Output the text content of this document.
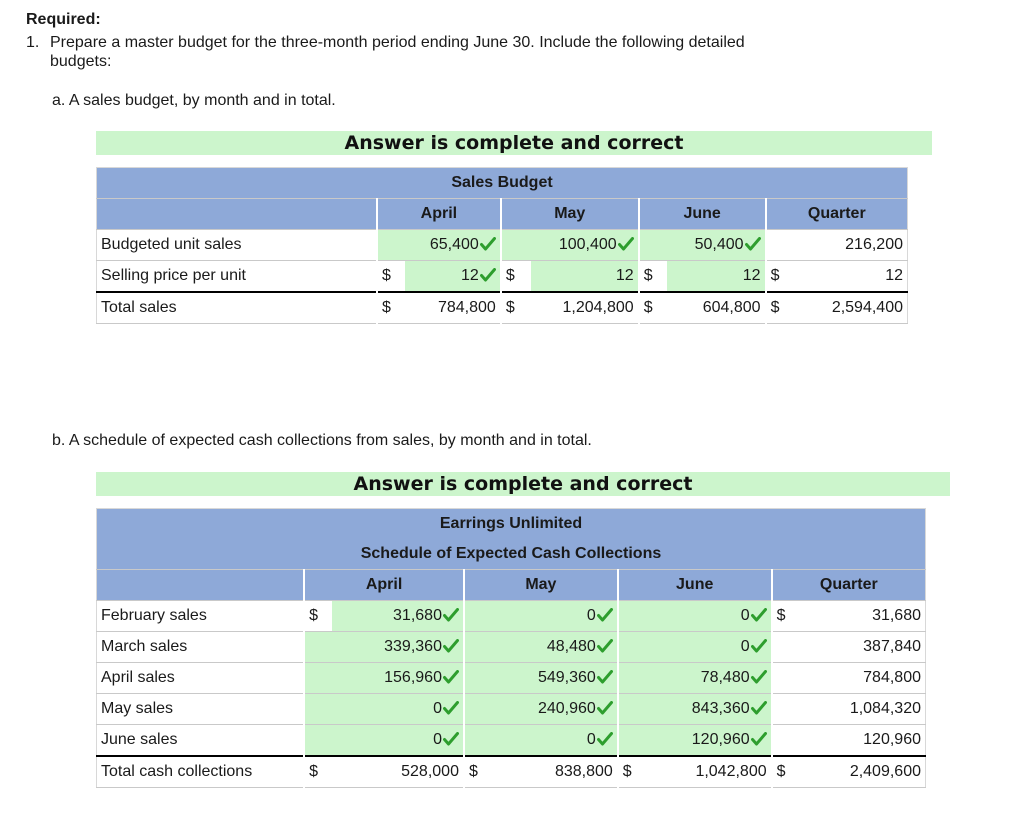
Required:
1. Prepare a master budget for the three-month period ending June 30. Include the following detailed
budgets:
a. A sales budget, by month and in total.
Answer is complete and correct
Sales Budget								
	April		May		June		Quarter	
Budgeted unit sales		65,400		100,400		50,400		216,200
Selling price per unit	$	12	$	12	$	12	$	12
Total sales	$	784,800	$	1,204,800	$	604,800	$	2,594,400
b. A schedule of expected cash collections from sales, by month and in total.
Answer is complete and correct
Earrings Unlimited								
Schedule of Expected Cash Collections								
	April		May		June		Quarter	
February sales	$	31,680		0		0	$	31,680
March sales		339,360		48,480		0		387,840
April sales		156,960		549,360		78,480		784,800
May sales		0		240,960		843,360		1,084,320
June sales		0		0		120,960		120,960
Total cash collections	$	528,000	$	838,800	$	1,042,800	$	2,409,600
